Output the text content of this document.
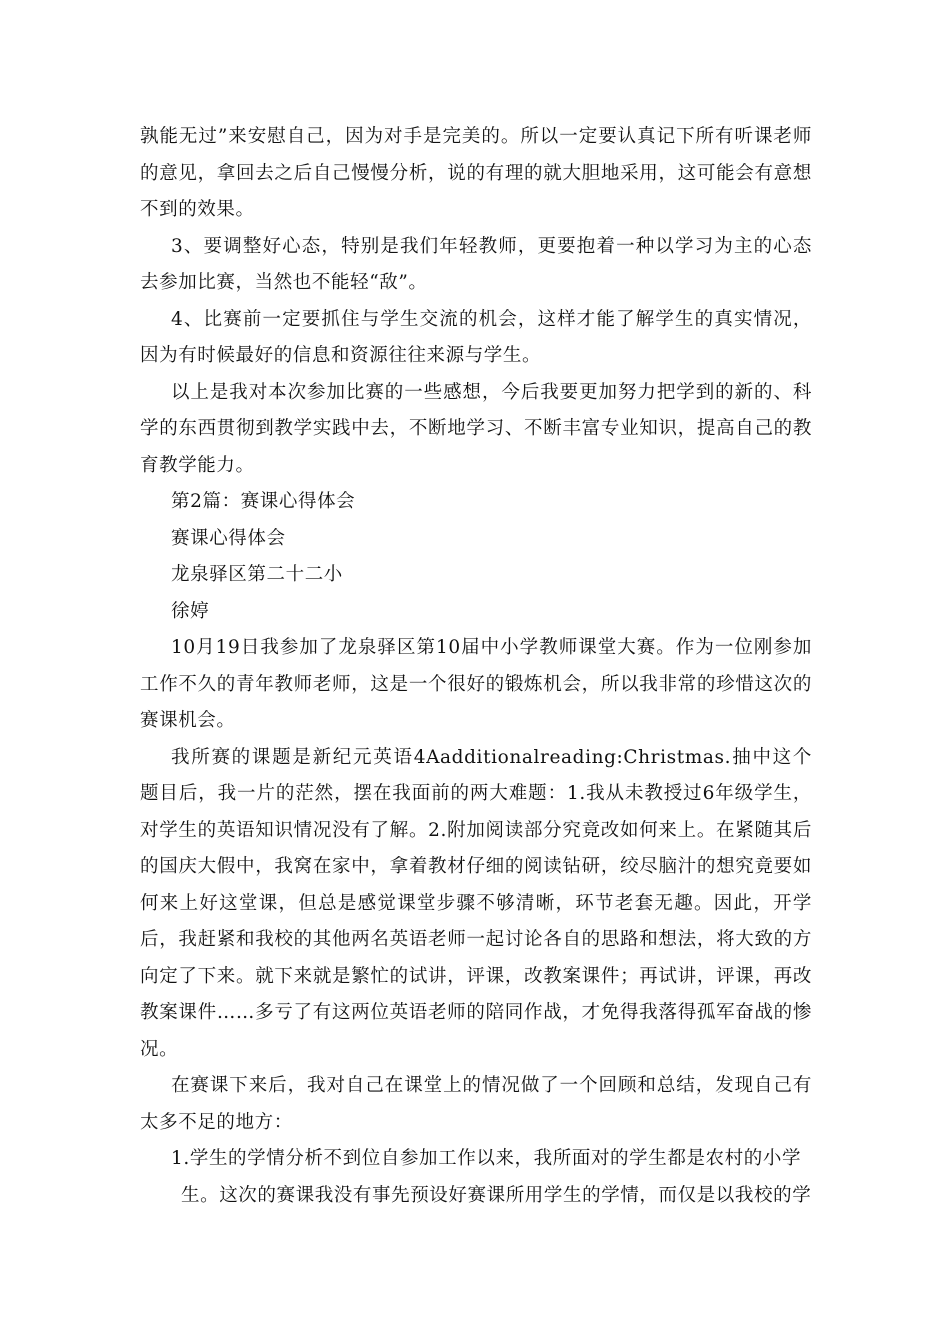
孰能无过”来安慰自己，因为对手是完美的。所以一定要认真记下所有听课老师的意见，拿回去之后自己慢慢分析，说的有理的就大胆地采用，这可能会有意想不到的效果。

3、要调整好心态，特别是我们年轻教师，更要抱着一种以学习为主的心态去参加比赛，当然也不能轻“敌”。

4、比赛前一定要抓住与学生交流的机会，这样才能了解学生的真实情况，因为有时候最好的信息和资源往往来源与学生。

以上是我对本次参加比赛的一些感想，今后我要更加努力把学到的新的、科学的东西贯彻到教学实践中去，不断地学习、不断丰富专业知识，提高自己的教育教学能力。

第2篇：赛课心得体会

赛课心得体会

龙泉驿区第二十二小

徐婷

10月19日我参加了龙泉驿区第10届中小学教师课堂大赛。作为一位刚参加工作不久的青年教师老师，这是一个很好的锻炼机会，所以我非常的珍惜这次的赛课机会。

我所赛的课题是新纪元英语4Aadditionalreading:Christmas.抽中这个题目后，我一片的茫然，摆在我面前的两大难题：1.我从未教授过6年级学生，对学生的英语知识情况没有了解。2.附加阅读部分究竟改如何来上。在紧随其后的国庆大假中，我窝在家中，拿着教材仔细的阅读钻研，绞尽脑汁的想究竟要如何来上好这堂课，但总是感觉课堂步骤不够清晰，环节老套无趣。因此，开学后，我赶紧和我校的其他两名英语老师一起讨论各自的思路和想法，将大致的方向定了下来。就下来就是繁忙的试讲，评课，改教案课件；再试讲，评课，再改教案课件……多亏了有这两位英语老师的陪同作战，才免得我落得孤军奋战的惨况。

在赛课下来后，我对自己在课堂上的情况做了一个回顾和总结，发现自己有太多不足的地方：

1.学生的学情分析不到位自参加工作以来，我所面对的学生都是农村的小学
生。这次的赛课我没有事先预设好赛课所用学生的学情，而仅是以我校的学
